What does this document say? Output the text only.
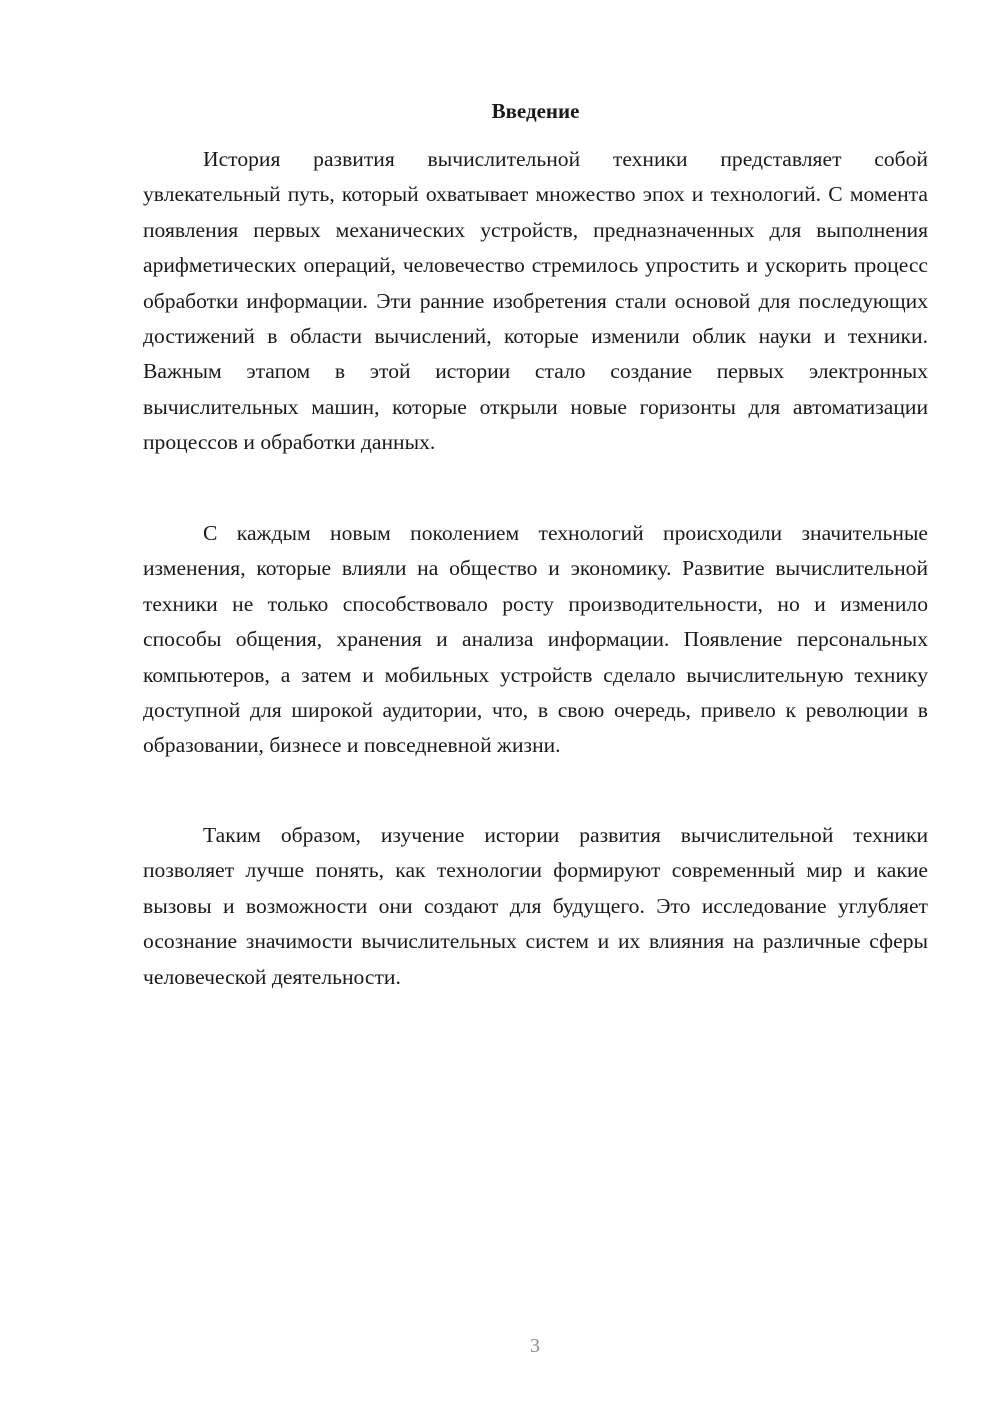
Введение

История развития вычислительной техники представляет собой увлекательный путь, который охватывает множество эпох и технологий. С момента появления первых механических устройств, предназначенных для выполнения арифметических операций, человечество стремилось упростить и ускорить процесс обработки информации. Эти ранние изобретения стали основой для последующих достижений в области вычислений, которые изменили облик науки и техники. Важным этапом в этой истории стало создание первых электронных вычислительных машин, которые открыли новые горизонты для автоматизации процессов и обработки данных.

С каждым новым поколением технологий происходили значительные изменения, которые влияли на общество и экономику. Развитие вычислительной техники не только способствовало росту производительности, но и изменило способы общения, хранения и анализа информации. Появление персональных компьютеров, а затем и мобильных устройств сделало вычислительную технику доступной для широкой аудитории, что, в свою очередь, привело к революции в образовании, бизнесе и повседневной жизни.

Таким образом, изучение истории развития вычислительной техники позволяет лучше понять, как технологии формируют современный мир и какие вызовы и возможности они создают для будущего. Это исследование углубляет осознание значимости вычислительных систем и их влияния на различные сферы человеческой деятельности.

3
